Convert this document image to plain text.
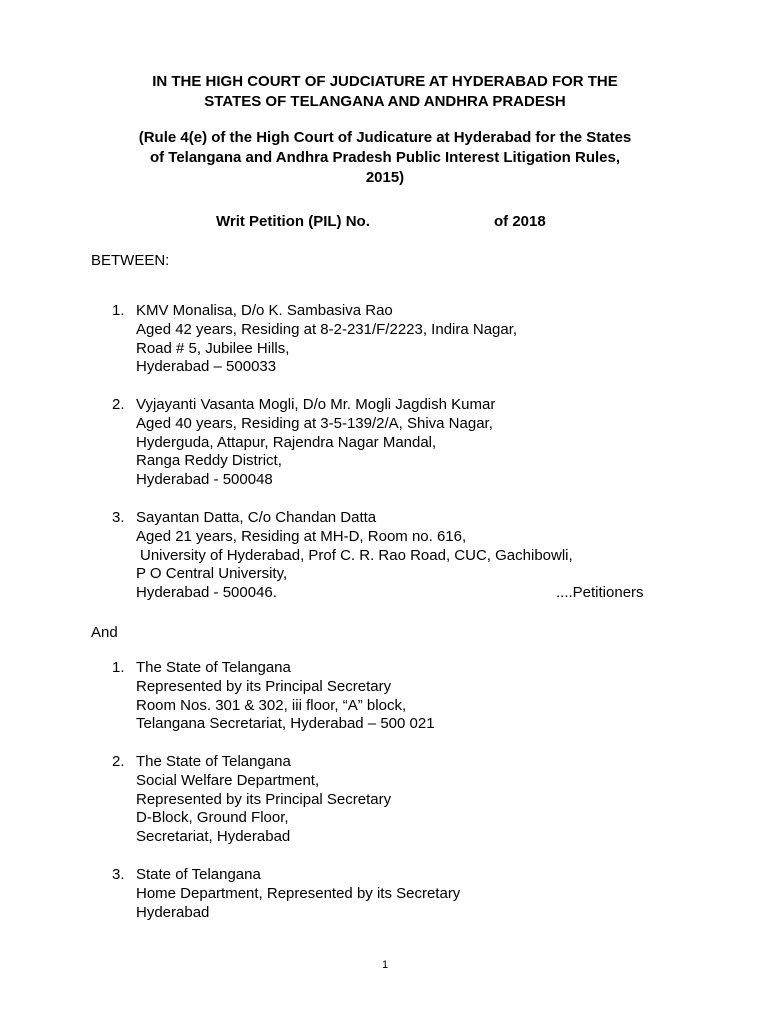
IN THE HIGH COURT OF JUDCIATURE AT HYDERABAD FOR THE
STATES OF TELANGANA AND ANDHRA PRADESH
(Rule 4(e) of the High Court of Judicature at Hyderabad for the States
of Telangana and Andhra Pradesh Public Interest Litigation Rules,
2015)
Writ Petition (PIL) No.	of 2018
BETWEEN:
1. KMV Monalisa, D/o K. Sambasiva Rao
Aged 42 years, Residing at 8-2-231/F/2223, Indira Nagar,
Road # 5, Jubilee Hills,
Hyderabad – 500033
2. Vyjayanti Vasanta Mogli, D/o Mr. Mogli Jagdish Kumar
Aged 40 years, Residing at 3-5-139/2/A, Shiva Nagar,
Hyderguda, Attapur, Rajendra Nagar Mandal,
Ranga Reddy District,
Hyderabad - 500048
3. Sayantan Datta, C/o Chandan Datta
Aged 21 years, Residing at MH-D, Room no. 616,
University of Hyderabad, Prof C. R. Rao Road, CUC, Gachibowli,
P O Central University,
Hyderabad - 500046.	....Petitioners
And
1. The State of Telangana
Represented by its Principal Secretary
Room Nos. 301 & 302, iii floor, “A” block,
Telangana Secretariat, Hyderabad – 500 021
2. The State of Telangana
Social Welfare Department,
Represented by its Principal Secretary
D-Block, Ground Floor,
Secretariat, Hyderabad
3. State of Telangana
Home Department, Represented by its Secretary
Hyderabad
1
